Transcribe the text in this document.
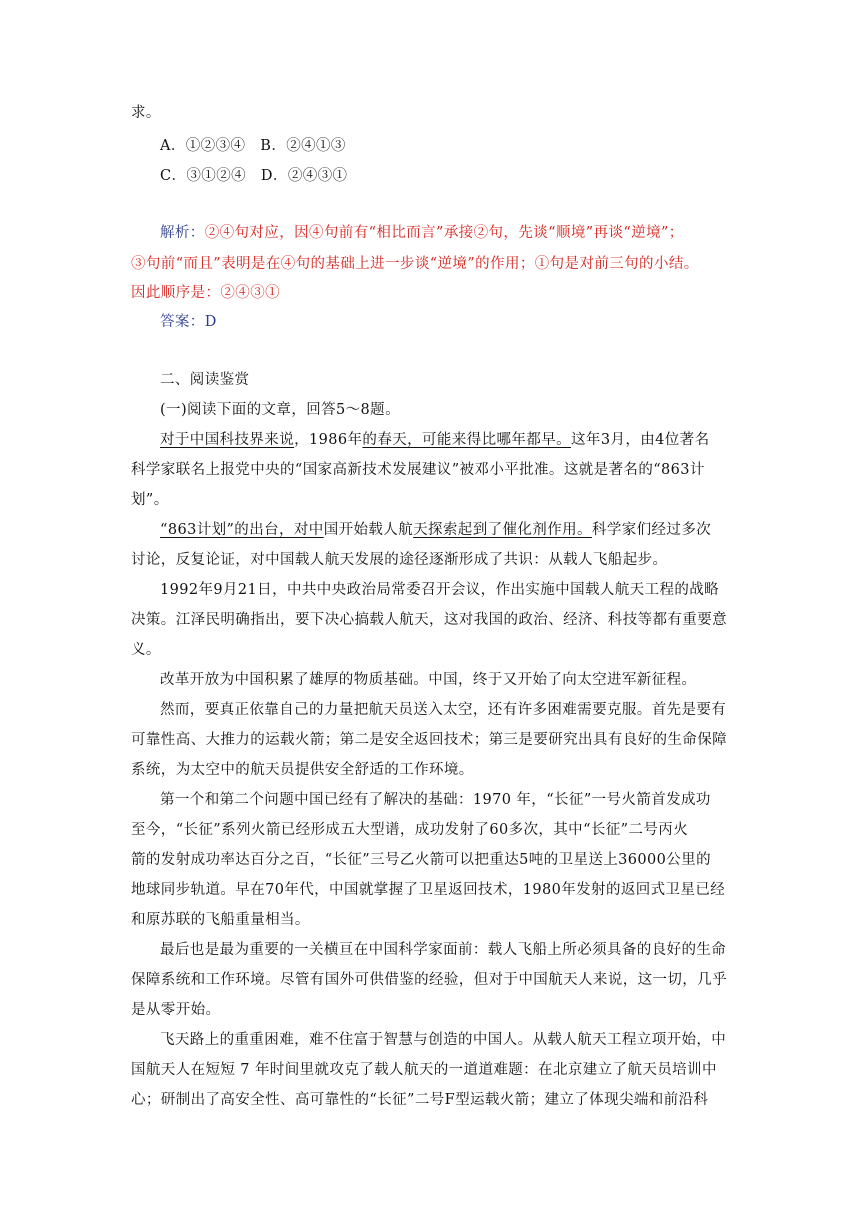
求。
A．①②③④　B．②④①③
C．③①②④　D．②④③①
解析：②④句对应，因④句前有“相比而言”承接②句，先谈“顺境”再谈“逆境”；
③句前“而且”表明是在④句的基础上进一步谈“逆境”的作用；①句是对前三句的小结。
因此顺序是：②④③①
答案：D
二、阅读鉴赏
(一)阅读下面的文章，回答5～8题。
对于中国科技界来说，1986年的春天，可能来得比哪年都早。这年3月，由4位著名
科学家联名上报党中央的“国家高新技术发展建议”被邓小平批准。这就是著名的“863计
划”。
“863计划”的出台，对中国开始载人航天探索起到了催化剂作用。科学家们经过多次
讨论，反复论证，对中国载人航天发展的途径逐渐形成了共识：从载人飞船起步。
1992年9月21日，中共中央政治局常委召开会议，作出实施中国载人航天工程的战略
决策。江泽民明确指出，要下决心搞载人航天，这对我国的政治、经济、科技等都有重要意
义。
改革开放为中国积累了雄厚的物质基础。中国，终于又开始了向太空进军新征程。
然而，要真正依靠自己的力量把航天员送入太空，还有许多困难需要克服。首先是要有
可靠性高、大推力的运载火箭；第二是安全返回技术；第三是要研究出具有良好的生命保障
系统，为太空中的航天员提供安全舒适的工作环境。
第一个和第二个问题中国已经有了解决的基础：1970 年，“长征”一号火箭首发成功
至今，“长征”系列火箭已经形成五大型谱，成功发射了60多次，其中“长征”二号丙火
箭的发射成功率达百分之百，“长征”三号乙火箭可以把重达5吨的卫星送上36000公里的
地球同步轨道。早在70年代，中国就掌握了卫星返回技术，1980年发射的返回式卫星已经
和原苏联的飞船重量相当。
最后也是最为重要的一关横亘在中国科学家面前：载人飞船上所必须具备的良好的生命
保障系统和工作环境。尽管有国外可供借鉴的经验，但对于中国航天人来说，这一切，几乎
是从零开始。
飞天路上的重重困难，难不住富于智慧与创造的中国人。从载人航天工程立项开始，中
国航天人在短短 7 年时间里就攻克了载人航天的一道道难题：在北京建立了航天员培训中
心；研制出了高安全性、高可靠性的“长征”二号F型运载火箭；建立了体现尖端和前沿科
